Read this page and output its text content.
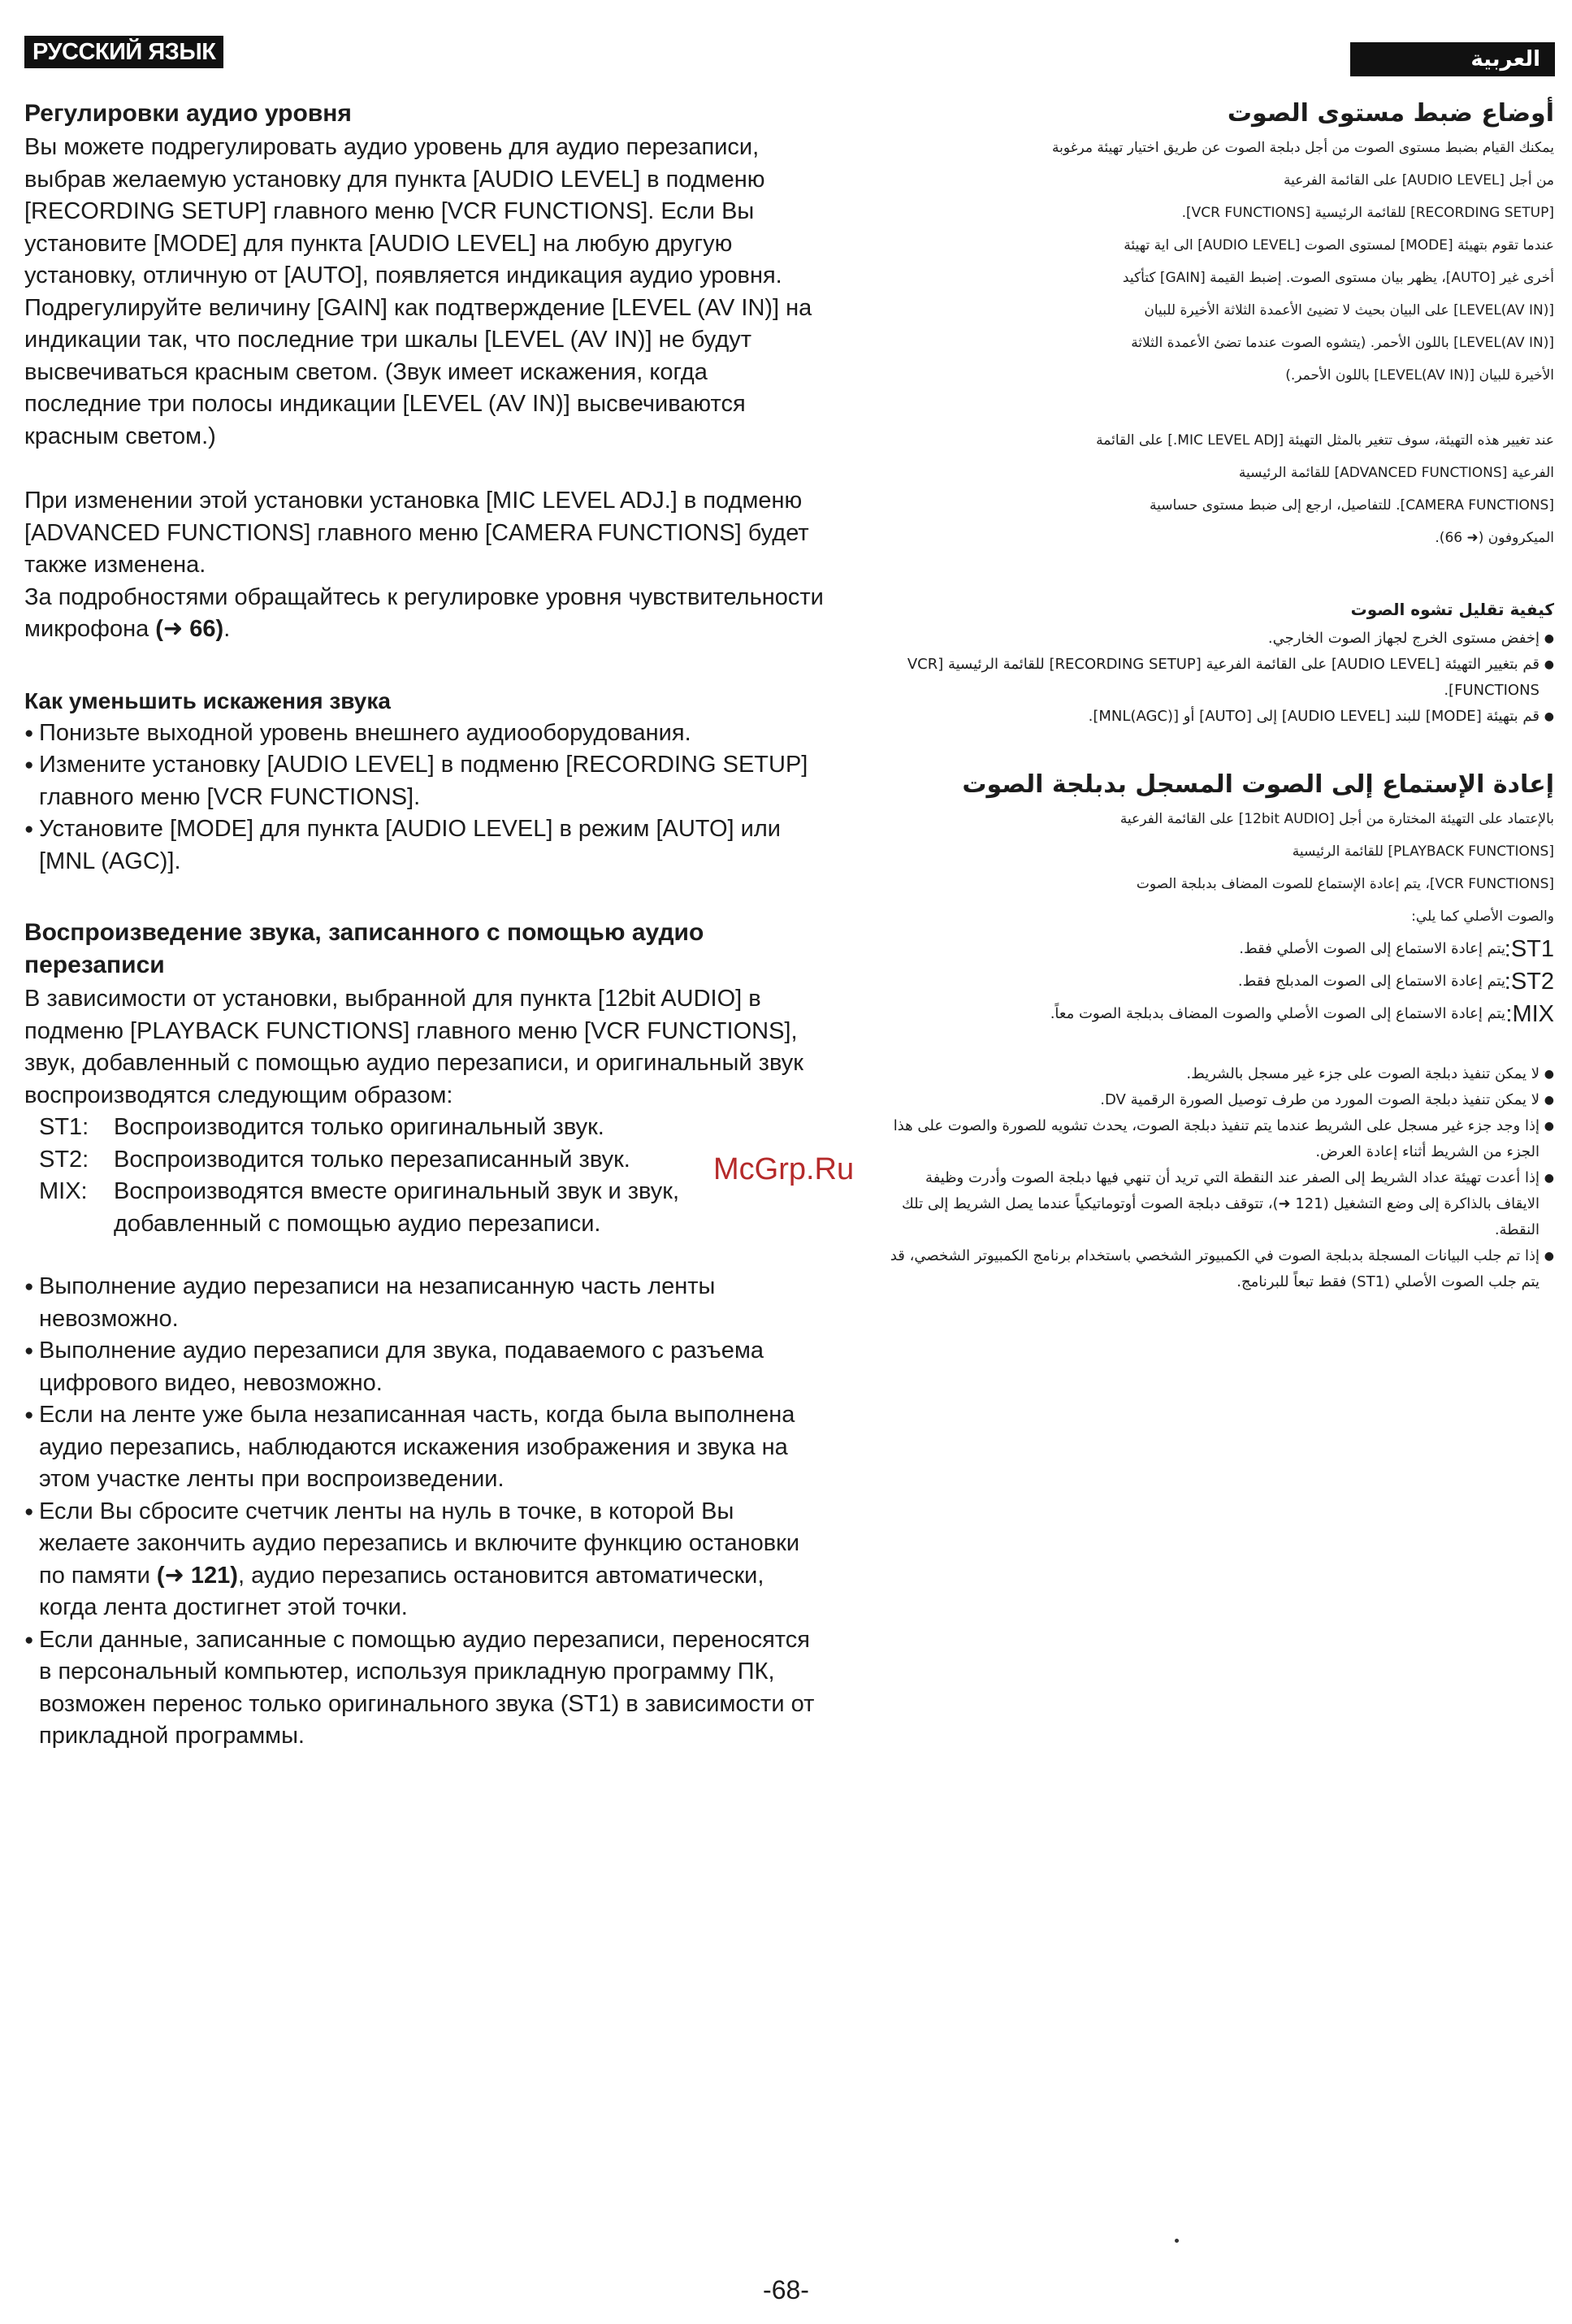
РУССКИЙ ЯЗЫК	العربية
Регулировки аудио уровня

Вы можете подрегулировать аудио уровень для аудио перезаписи, выбрав желаемую установку для пункта [AUDIO LEVEL] в подменю [RECORDING SETUP] главного меню [VCR FUNCTIONS]. Если Вы установите [MODE] для пункта [AUDIO LEVEL] на любую другую установку, отличную от [AUTO], появляется индикация аудио уровня. Подрегулируйте величину [GAIN] как подтверждение [LEVEL (AV IN)] на индикации так, что последние три шкалы [LEVEL (AV IN)] не будут высвечиваться красным светом. (Звук имеет искажения, когда последние три полосы индикации [LEVEL (AV IN)] высвечиваются красным светом.)

При изменении этой установки установка [MIC LEVEL ADJ.] в подменю [ADVANCED FUNCTIONS] главного меню [CAMERA FUNCTIONS] будет также изменена.

За подробностями обращайтесь к регулировке уровня чувствительности микрофона (➜ 66).

Как уменьшить искажения звука
● Понизьте выходной уровень внешнего аудиооборудования.
● Измените установку [AUDIO LEVEL] в подменю [RECORDING SETUP] главного меню [VCR FUNCTIONS].
● Установите [MODE] для пункта [AUDIO LEVEL] в режим [AUTO] или [MNL (AGC)].
Воспроизведение звука, записанного с помощью аудио перезаписи

В зависимости от установки, выбранной для пункта [12bit AUDIO] в подменю [PLAYBACK FUNCTIONS] главного меню [VCR FUNCTIONS], звук, добавленный с помощью аудио перезаписи, и оригинальный звук воспроизводятся следующим образом:

ST1:	Воспроизводится только оригинальный звук.
ST2:	Воспроизводится только перезаписанный звук.
MIX:	Воспроизводятся вместе оригинальный звук и звук, добавленный с помощью аудио перезаписи.
● Выполнение аудио перезаписи на незаписанную часть ленты невозможно.
● Выполнение аудио перезаписи для звука, подаваемого с разъема цифрового видео, невозможно.
● Если на ленте уже была незаписанная часть, когда была выполнена аудио перезапись, наблюдаются искажения изображения и звука на этом участке ленты при воспроизведении.
● Если Вы сбросите счетчик ленты на нуль в точке, в которой Вы желаете закончить аудио перезапись и включите функцию остановки по памяти (➜ 121), аудио перезапись остановится автоматически, когда лента достигнет этой точки.
● Если данные, записанные с помощью аудио перезаписи, переносятся в персональный компьютер, используя прикладную программу ПК, возможен перенос только оригинального звука (ST1) в зависимости от прикладной программы.
أوضاع ضبط مستوى الصوت
يمكنك القيام بضبط مستوى الصوت من أجل دبلجة الصوت عن طريق اختيار تهيئة مرغوبة
من أجل [AUDIO LEVEL] على القائمة الفرعية
[RECORDING SETUP] للقائمة الرئيسية [VCR FUNCTIONS].
عندما تقوم بتهيئة [MODE] لمستوى الصوت [AUDIO LEVEL] الى اية تهيئة
أخرى غير [AUTO]، يظهر بيان مستوى الصوت. إضبط القيمة [GAIN] كتأكيد
[LEVEL(AV IN)] على البيان بحيث لا تضيئ الأعمدة الثلاثة الأخيرة للبيان
[LEVEL(AV IN)] باللون الأحمر. (يتشوه الصوت عندما تضئ الأعمدة الثلاثة
الأخيرة للبيان [LEVEL(AV IN)] باللون الأحمر.)
عند تغيير هذه التهيئة، سوف تتغير بالمثل التهيئة [MIC LEVEL ADJ.] على القائمة
الفرعية [ADVANCED FUNCTIONS] للقائمة الرئيسية
[CAMERA FUNCTIONS]. للتفاصيل، ارجع إلى ضبط مستوى حساسية
الميكروفون (➜ 66).
كيفية تقليل تشوه الصوت
● إخفض مستوى الخرج لجهاز الصوت الخارجي.
● قم بتغيير التهيئة [AUDIO LEVEL] على القائمة الفرعية [RECORDING SETUP] للقائمة الرئيسية [VCR FUNCTIONS].
● قم بتهيئة [MODE] للبند [AUDIO LEVEL] إلى [AUTO] أو [MNL(AGC)].
إعادة الإستماع إلى الصوت المسجل بدبلجة الصوت
بالإعتماد على التهيئة المختارة من أجل [12bit AUDIO] على القائمة الفرعية
[PLAYBACK FUNCTIONS] للقائمة الرئيسية
[VCR FUNCTIONS]، يتم إعادة الإستماع للصوت المضاف بدبلجة الصوت
والصوت الأصلي كما يلي:
ST1:
يتم إعادة الاستماع إلى الصوت الأصلي فقط.
ST2:
يتم إعادة الاستماع إلى الصوت المدبلج فقط.
MIX:
يتم إعادة الاستماع إلى الصوت الأصلي والصوت المضاف بدبلجة الصوت معاً.
● لا يمكن تنفيذ دبلجة الصوت على جزء غير مسجل بالشريط.
● لا يمكن تنفيذ دبلجة الصوت المورد من طرف توصيل الصورة الرقمية DV.
● إذا وجد جزء غير مسجل على الشريط عندما يتم تنفيذ دبلجة الصوت، يحدث تشويه للصورة والصوت على هذا الجزء من الشريط أثناء إعادة العرض.
● إذا أعدت تهيئة عداد الشريط إلى الصفر عند النقطة التي تريد أن تنهي فيها دبلجة الصوت وأدرت وظيفة الايقاف بالذاكرة إلى وضع التشغيل (121 ➜)، تتوقف دبلجة الصوت أوتوماتيكياً عندما يصل الشريط إلى تلك النقطة.
● إذا تم جلب البيانات المسجلة بدبلجة الصوت في الكمبيوتر الشخصي باستخدام برنامج الكمبيوتر الشخصي، قد يتم جلب الصوت الأصلي (ST1) فقط تبعاً للبرنامج.
McGrp.Ru
-68-
